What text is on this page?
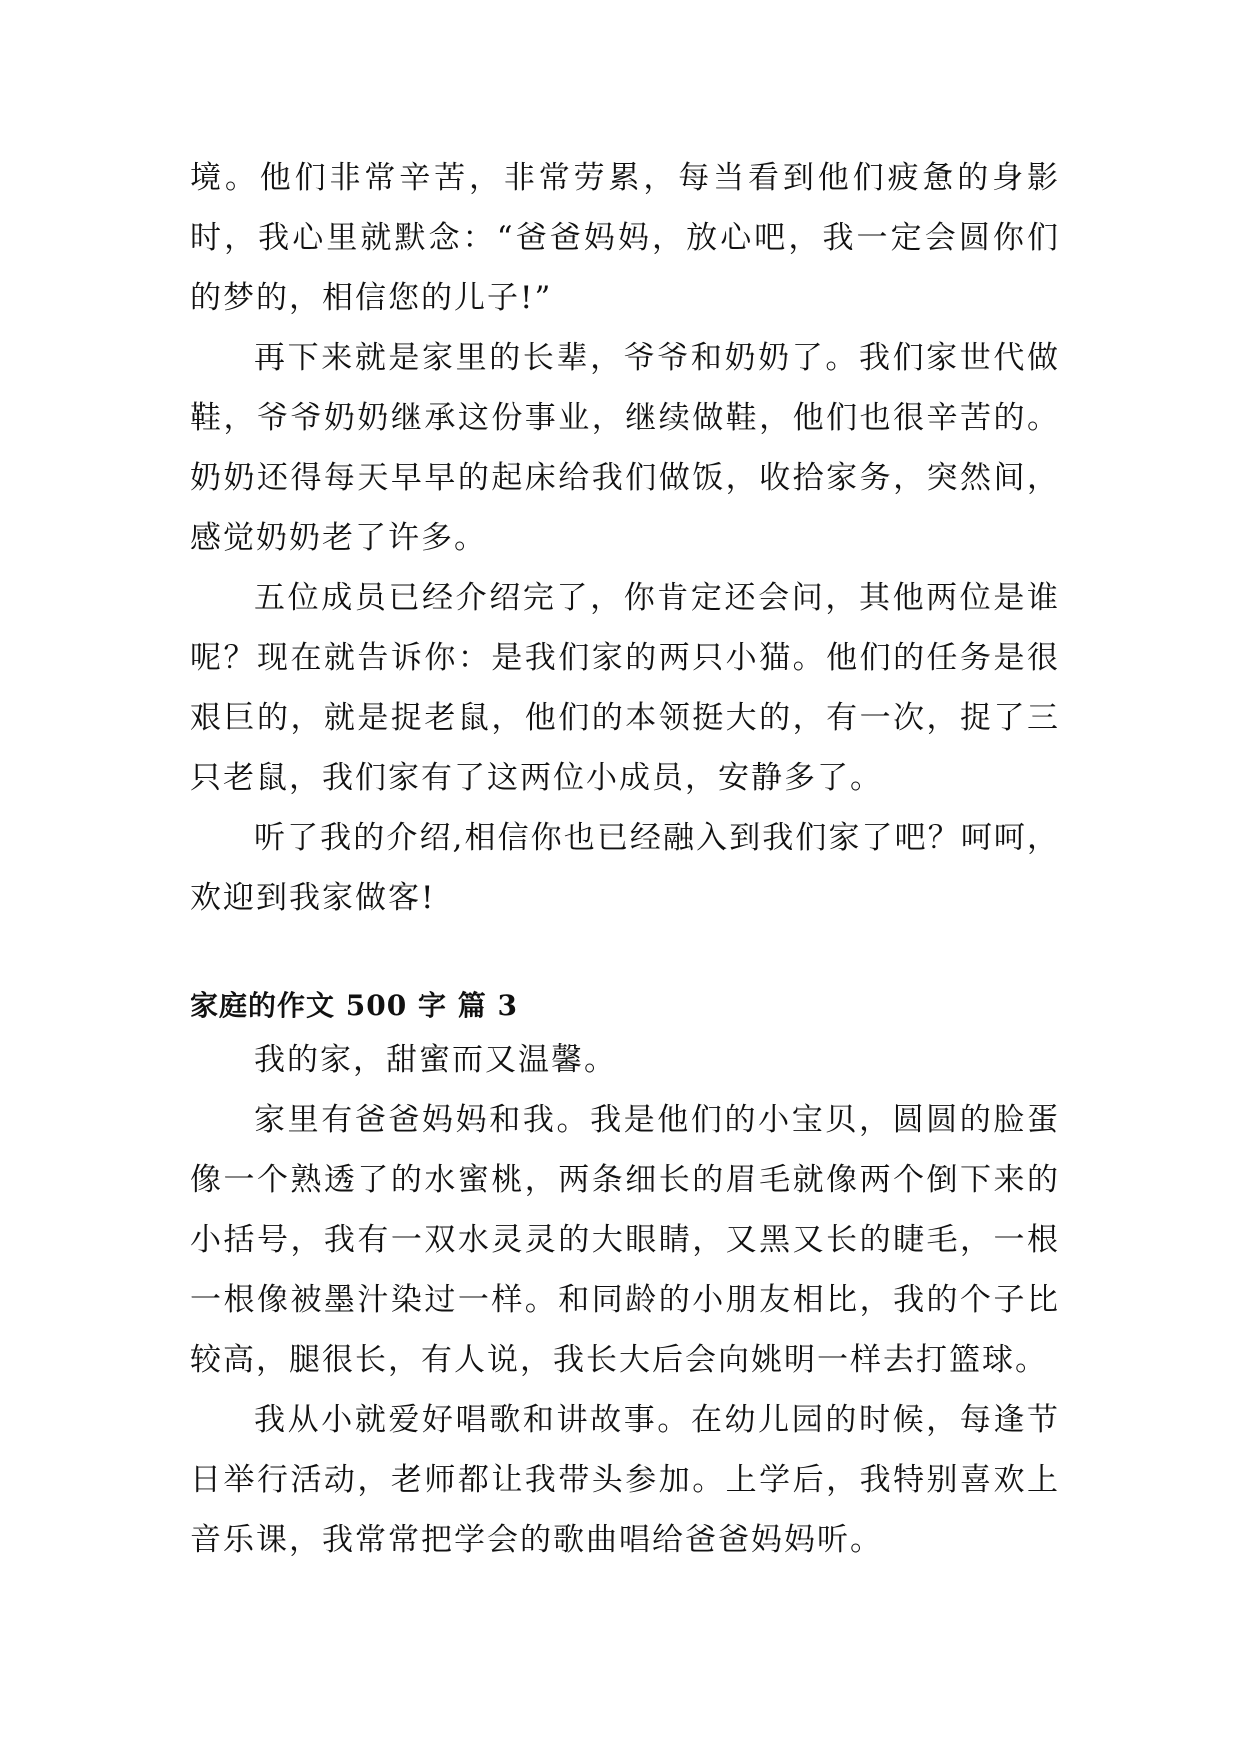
境。他们非常辛苦，非常劳累，每当看到他们疲惫的身影时，我心里就默念：“爸爸妈妈，放心吧，我一定会圆你们的梦的，相信您的儿子!”

再下来就是家里的长辈，爷爷和奶奶了。我们家世代做鞋，爷爷奶奶继承这份事业，继续做鞋，他们也很辛苦的。奶奶还得每天早早的起床给我们做饭，收拾家务，突然间，感觉奶奶老了许多。

五位成员已经介绍完了，你肯定还会问，其他两位是谁呢？现在就告诉你：是我们家的两只小猫。他们的任务是很艰巨的，就是捉老鼠，他们的本领挺大的，有一次，捉了三只老鼠，我们家有了这两位小成员，安静多了。

听了我的介绍,相信你也已经融入到我们家了吧？呵呵，欢迎到我家做客!

家庭的作文 500 字 篇 3

我的家，甜蜜而又温馨。

家里有爸爸妈妈和我。我是他们的小宝贝，圆圆的脸蛋像一个熟透了的水蜜桃，两条细长的眉毛就像两个倒下来的小括号，我有一双水灵灵的大眼睛，又黑又长的睫毛，一根一根像被墨汁染过一样。和同龄的小朋友相比，我的个子比较高，腿很长，有人说，我长大后会向姚明一样去打篮球。

我从小就爱好唱歌和讲故事。在幼儿园的时候，每逢节日举行活动，老师都让我带头参加。上学后，我特别喜欢上音乐课，我常常把学会的歌曲唱给爸爸妈妈听。
